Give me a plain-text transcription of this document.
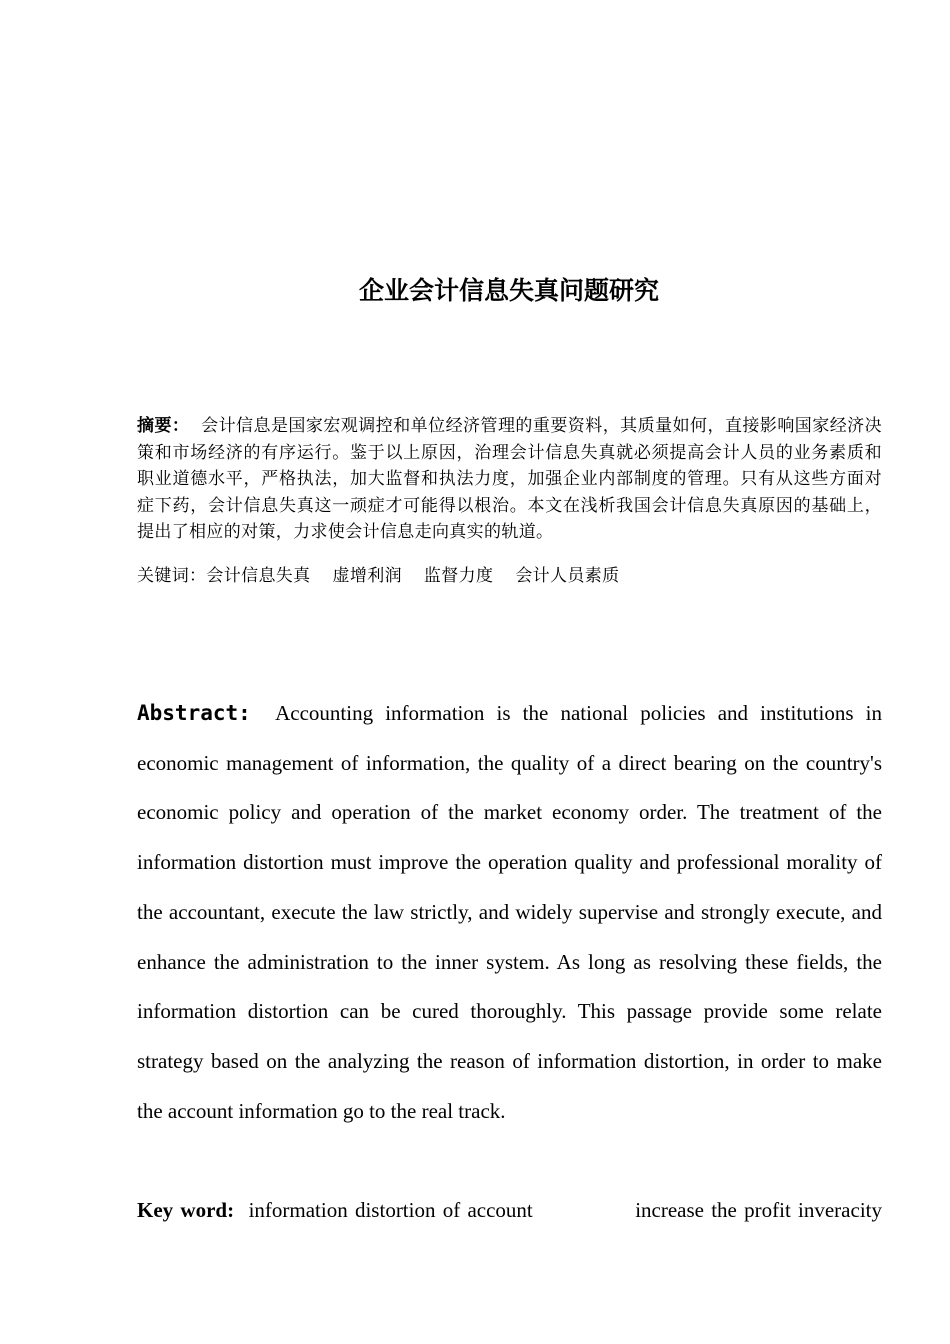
企业会计信息失真问题研究

摘要： 会计信息是国家宏观调控和单位经济管理的重要资料，其质量如何，直接影响国家经济决策和市场经济的有序运行。鉴于以上原因，治理会计信息失真就必须提高会计人员的业务素质和职业道德水平，严格执法，加大监督和执法力度，加强企业内部制度的管理。只有从这些方面对症下药，会计信息失真这一顽症才可能得以根治。本文在浅析我国会计信息失真原因的基础上，提出了相应的对策，力求使会计信息走向真实的轨道。

关键词：会计信息失真 虚增利润 监督力度 会计人员素质

Abstract: Accounting information is the national policies and institutions in economic management of information, the quality of a direct bearing on the country's economic policy and operation of the market economy order. The treatment of the information distortion must improve the operation quality and professional morality of the accountant, execute the law strictly, and widely supervise and strongly execute, and enhance the administration to the inner system. As long as resolving these fields, the information distortion can be cured thoroughly. This passage provide some relate strategy based on the analyzing the reason of information distortion, in order to make the account information go to the real track.

Key word: information distortion of account	increase the profit inveracity
